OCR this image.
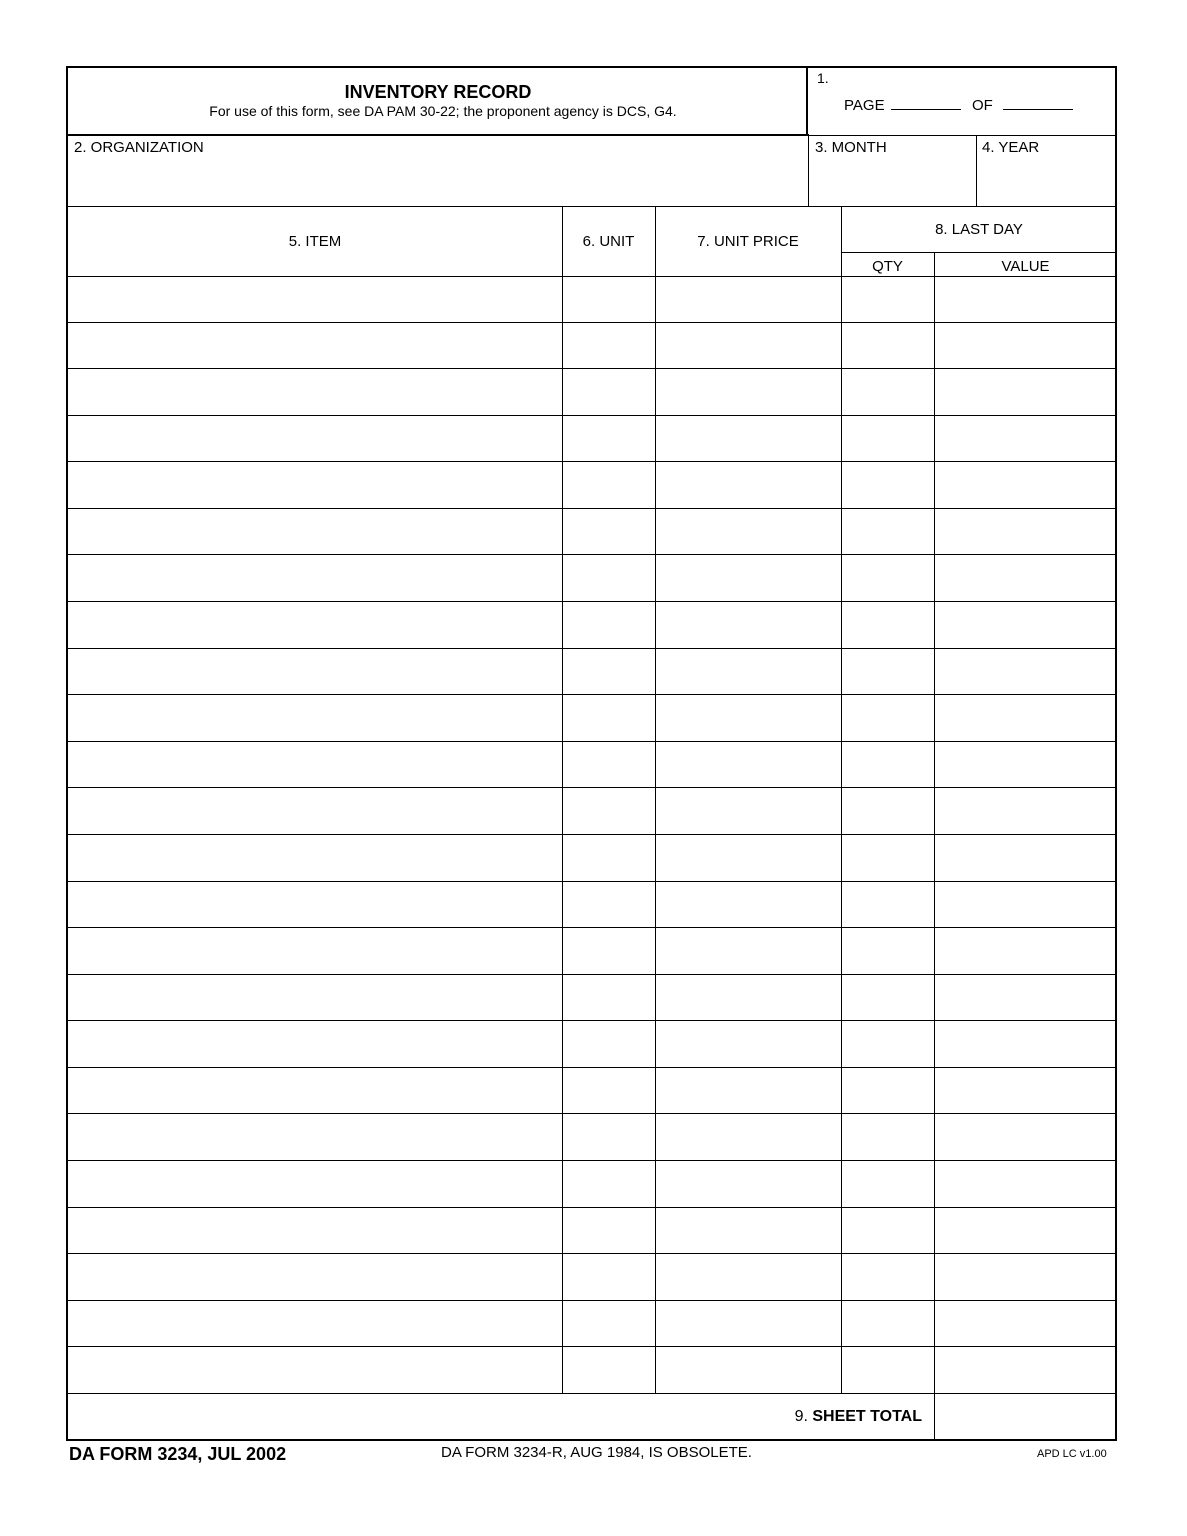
INVENTORY RECORD
For use of this form, see DA PAM 30-22; the proponent agency is DCS, G4.
1.
PAGE	OF
2. ORGANIZATION	3. MONTH	4. YEAR
5. ITEM	6. UNIT	7. UNIT PRICE
8. LAST DAY
QTY	VALUE
9. SHEET TOTAL
DA FORM 3234, JUL 2002	DA FORM 3234-R, AUG 1984, IS OBSOLETE.	APD LC v1.00
